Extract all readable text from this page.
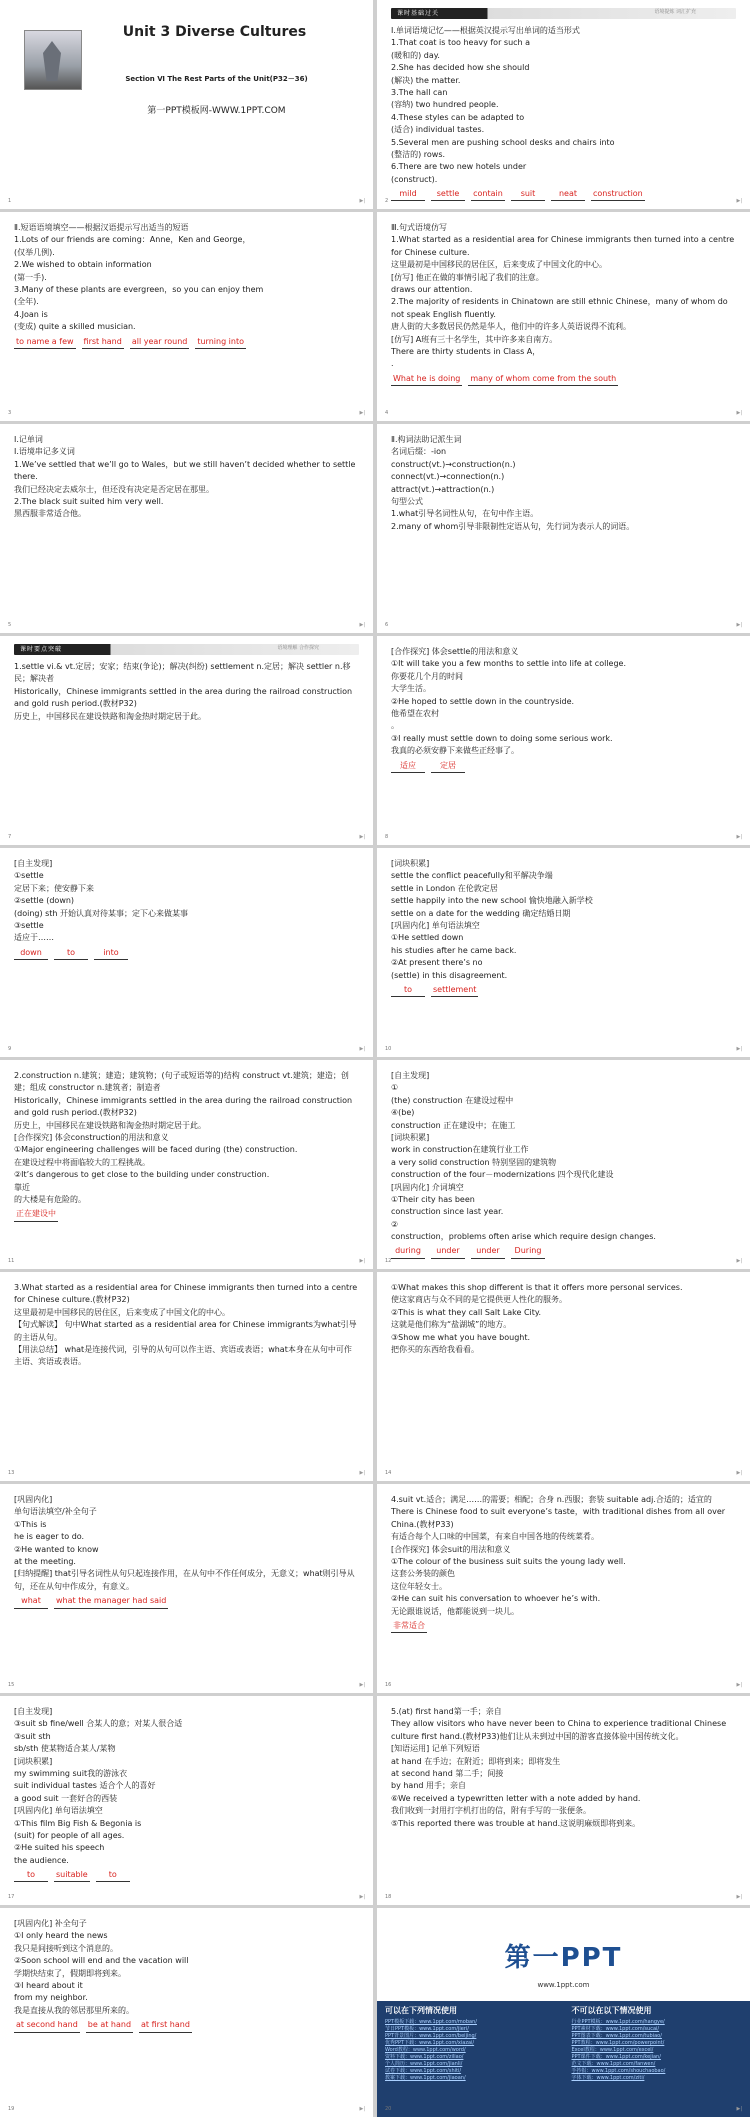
Unit 3 Diverse Cultures
Section Ⅵ The Rest Parts of the Unit(P32－36)
第一PPT模板网-WWW.1PPT.COM
1	▶|
课时基础过关	语境提炼 词汇扩充
Ⅰ.单词语境记忆——根据英汉提示写出单词的适当形式
1.That coat is too heavy for such a
(暖和的) day.
2.She has decided how she should
(解决) the matter.
3.The hall can
(容纳) two hundred people.
4.These styles can be adapted to
(适合) individual tastes.
5.Several men are pushing school desks and chairs into
(整洁的) rows.
6.There are two new hotels under
(construct).
mild	settle contain suit	neat construction
2	▶|
Ⅱ.短语语境填空——根据汉语提示写出适当的短语
1.Lots of our friends are coming：Anne，Ken and George，
(仅举几例).
2.We wished to obtain information
(第一手).
3.Many of these plants are evergreen，so you can enjoy them
(全年).
4.Joan is
(变成) quite a skilled musician.
to name a few first hand all year round turning into
3	▶|
Ⅲ.句式语境仿写
1.What started as a residential area for Chinese immigrants then turned into a centre for Chinese culture.
这里最初是中国移民的居住区，后来变成了中国文化的中心。
[仿写] 他正在做的事情引起了我们的注意。
draws our attention.
2.The majority of residents in Chinatown are still ethnic Chinese，many of whom do not speak English fluently.
唐人街的大多数居民仍然是华人，他们中的许多人英语说得不流利。
[仿写] A班有三十名学生，其中许多来自南方。
There are thirty students in Class A，
.
What he is doing many of whom come from the south
4	▶|
Ⅰ.记单词
Ⅰ.语境串记多义词
1.We’ve settled that we’ll go to Wales，but we still haven’t decided whether to settle there.
我们已经决定去威尔士，但还没有决定是否定居在那里。
2.The black suit suited him very well.
黑西服非常适合他。
5	▶|
Ⅱ.构词法助记派生词
名词后缀：-ion
construct(vt.)→construction(n.)
connect(vt.)→connection(n.)
attract(vt.)→attraction(n.)
句型公式
1.what引导名词性从句，在句中作主语。
2.many of whom引导非限制性定语从句，先行词为表示人的词语。
6	▶|
课时要点突破	语境理解 合作探究
1.settle vi.& vt.定居；安家；结束(争论)；解决(纠纷) settlement n.定居；解决 settler n.移民；解决者
Historically，Chinese immigrants settled in the area during the railroad construction and gold rush period.(教材P32)
历史上，中国移民在建设铁路和淘金热时期定居于此。
7	▶|
[合作探究] 体会settle的用法和意义
①It will take you a few months to settle into life at college.
你要花几个月的时间
大学生活。
②He hoped to settle down in the countryside.
他希望在农村
。
③I really must settle down to doing some serious work.
我真的必须安静下来做些正经事了。
适应	定居
8	▶|
[自主发现]
①settle
定居下来；使安静下来
②settle (down)
(doing) sth 开始认真对待某事；定下心来做某事
③settle
适应于……
down	to	into
9	▶|
[词块积累]
settle the conflict peacefully和平解决争端
settle in London 在伦敦定居
settle happily into the new school 愉快地融入新学校
settle on a date for the wedding 确定结婚日期
[巩固内化] 单句语法填空
①He settled down
his studies after he came back.
②At present there’s no
(settle) in this disagreement.
to	settlement
10	▶|
2.construction n.建筑；建造；建筑物；(句子或短语等的)结构 construct vt.建筑；建造；创建；组成 constructor n.建筑者；制造者
Historically，Chinese immigrants settled in the area during the railroad construction and gold rush period.(教材P32)
历史上，中国移民在建设铁路和淘金热时期定居于此。
[合作探究] 体会construction的用法和意义
①Major engineering challenges will be faced during (the) construction.
在建设过程中将面临较大的工程挑战。
②It’s dangerous to get close to the building under construction.
靠近
的大楼是有危险的。
正在建设中
11	▶|
[自主发现]
①
(the) construction 在建设过程中
④(be)
construction 正在建设中；在施工
[词块积累]
work in construction在建筑行业工作
a very solid construction 特别坚固的建筑物
construction of the four－modernizations 四个现代化建设
[巩固内化] 介词填空
①Their city has been
construction since last year.
②
construction，problems often arise which require design changes.
during under under During
12	▶|
3.What started as a residential area for Chinese immigrants then turned into a centre for Chinese culture.(教材P32)
这里最初是中国移民的居住区，后来变成了中国文化的中心。
【句式解读】 句中What started as a residential area for Chinese immigrants为what引导的主语从句。
【用法总结】 what是连接代词，引导的从句可以作主语、宾语或表语；what本身在从句中可作主语、宾语或表语。
13	▶|
①What makes this shop different is that it offers more personal services.
使这家商店与众不同的是它提供更人性化的服务。
②This is what they call Salt Lake City.
这就是他们称为“盐湖城”的地方。
③Show me what you have bought.
把你买的东西给我看看。
14	▶|
[巩固内化]
单句语法填空/补全句子
①This is
he is eager to do.
②He wanted to know
at the meeting.
[归纳提醒] that引导名词性从句只起连接作用，在从句中不作任何成分，无意义；what则引导从句，还在从句中作成分，有意义。
what what the manager had said
15	▶|
4.suit vt.适合；满足……的需要；相配；合身 n.西服；套装 suitable adj.合适的；适宜的
There is Chinese food to suit everyone’s taste，with traditional dishes from all over China.(教材P33)
有适合每个人口味的中国菜，有来自中国各地的传统菜肴。
[合作探究] 体会suit的用法和意义
①The colour of the business suit suits the young lady well.
这套公务装的颜色
这位年轻女士。
②He can suit his conversation to whoever he’s with.
无论跟谁说话，他都能说到一块儿。
非常适合
16	▶|
[自主发现]
③suit sb fine/well 合某人的意；对某人很合适
③suit sth
sb/sth 使某物适合某人/某物
[词块积累]
my swimming suit我的游泳衣
suit individual tastes 适合个人的喜好
a good suit 一套好合的西装
[巩固内化] 单句语法填空
①This film Big Fish & Begonia is
(suit) for people of all ages.
②He suited his speech
the audience.
to	suitable	to
17	▶|
5.(at) first hand第一手；亲自
They allow visitors who have never been to China to experience traditional Chinese culture first hand.(教材P33)他们让从未到过中国的游客直接体验中国传统文化。
[知语运用] 记单下列短语
at hand 在手边；在附近；即将到来；即将发生
at second hand 第二手；间接
by hand 用手；亲自
⑥We received a typewritten letter with a note added by hand.
我们收到一封用打字机打出的信，附有手写的一张便条。
⑤This reported there was trouble at hand.这说明麻烦即将到来。
18	▶|
[巩固内化] 补全句子
①I only heard the news
我只是间接听到这个消息的。
②Soon school will end and the vacation will
学期快结束了，假期即将到来。
③I heard about it
from my neighbor.
我是直接从我的邻居那里所来的。
at second hand be at hand at first hand
19	▶|
第一PPT
www.1ppt.com
可以在下列情况使用
PPT模板下载：www.1ppt.com/moban/
节日PPT模板：www.1ppt.com/jieri/
PPT背景图片：www.1ppt.com/beijing/
优秀PPT下载：www.1ppt.com/xiazai/
Word教程：www.1ppt.com/word/
资料下载：www.1ppt.com/ziliao/
个人简历：www.1ppt.com/jianli/
试卷下载：www.1ppt.com/shiti/
教案下载：www.1ppt.com/jiaoan/
不可以在以下情况使用
行业PPT模板：www.1ppt.com/hangye/
PPT素材下载：www.1ppt.com/sucai/
PPT图表下载：www.1ppt.com/tubiao/
PPT教程：www.1ppt.com/powerpoint/
Excel教程：www.1ppt.com/excel/
PPT课件下载：www.1ppt.com/kejian/
范文下载：www.1ppt.com/fanwen/
手抄报：www.1ppt.com/shouchaobao/
字体下载：www.1ppt.com/ziti/
20	▶|
